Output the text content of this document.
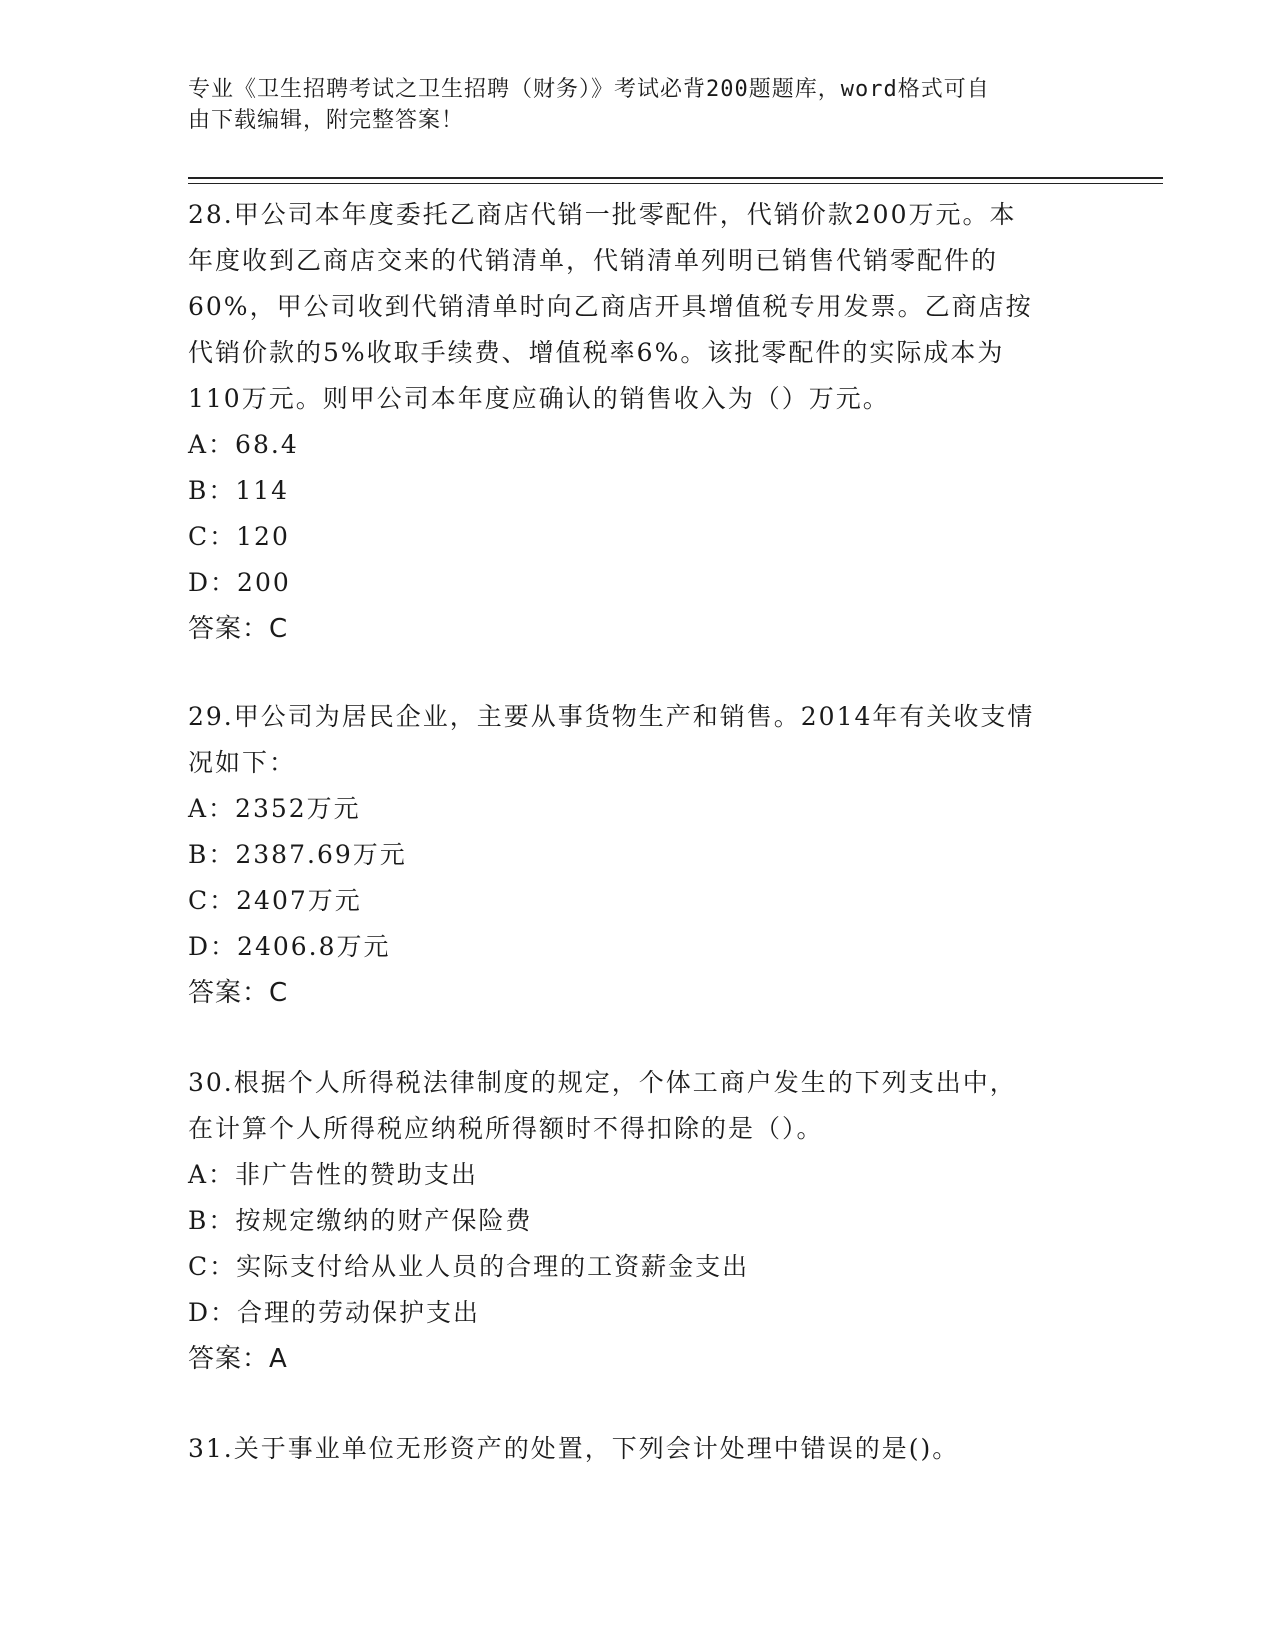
专业《卫生招聘考试之卫生招聘（财务）》考试必背200题题库，word格式可自
由下载编辑，附完整答案！

28.甲公司本年度委托乙商店代销一批零配件，代销价款200万元。本

年度收到乙商店交来的代销清单，代销清单列明已销售代销零配件的

60%，甲公司收到代销清单时向乙商店开具增值税专用发票。乙商店按

代销价款的5%收取手续费、增值税率6%。该批零配件的实际成本为

110万元。则甲公司本年度应确认的销售收入为（）万元。

A：68.4

B：114

C：120

D：200

答案：C

29.甲公司为居民企业，主要从事货物生产和销售。2014年有关收支情

况如下：

A：2352万元

B：2387.69万元

C：2407万元

D：2406.8万元

答案：C

30.根据个人所得税法律制度的规定，个体工商户发生的下列支出中，

在计算个人所得税应纳税所得额时不得扣除的是（）。

A：非广告性的赞助支出

B：按规定缴纳的财产保险费

C：实际支付给从业人员的合理的工资薪金支出

D：合理的劳动保护支出

答案：A

31.关于事业单位无形资产的处置，下列会计处理中错误的是()。
